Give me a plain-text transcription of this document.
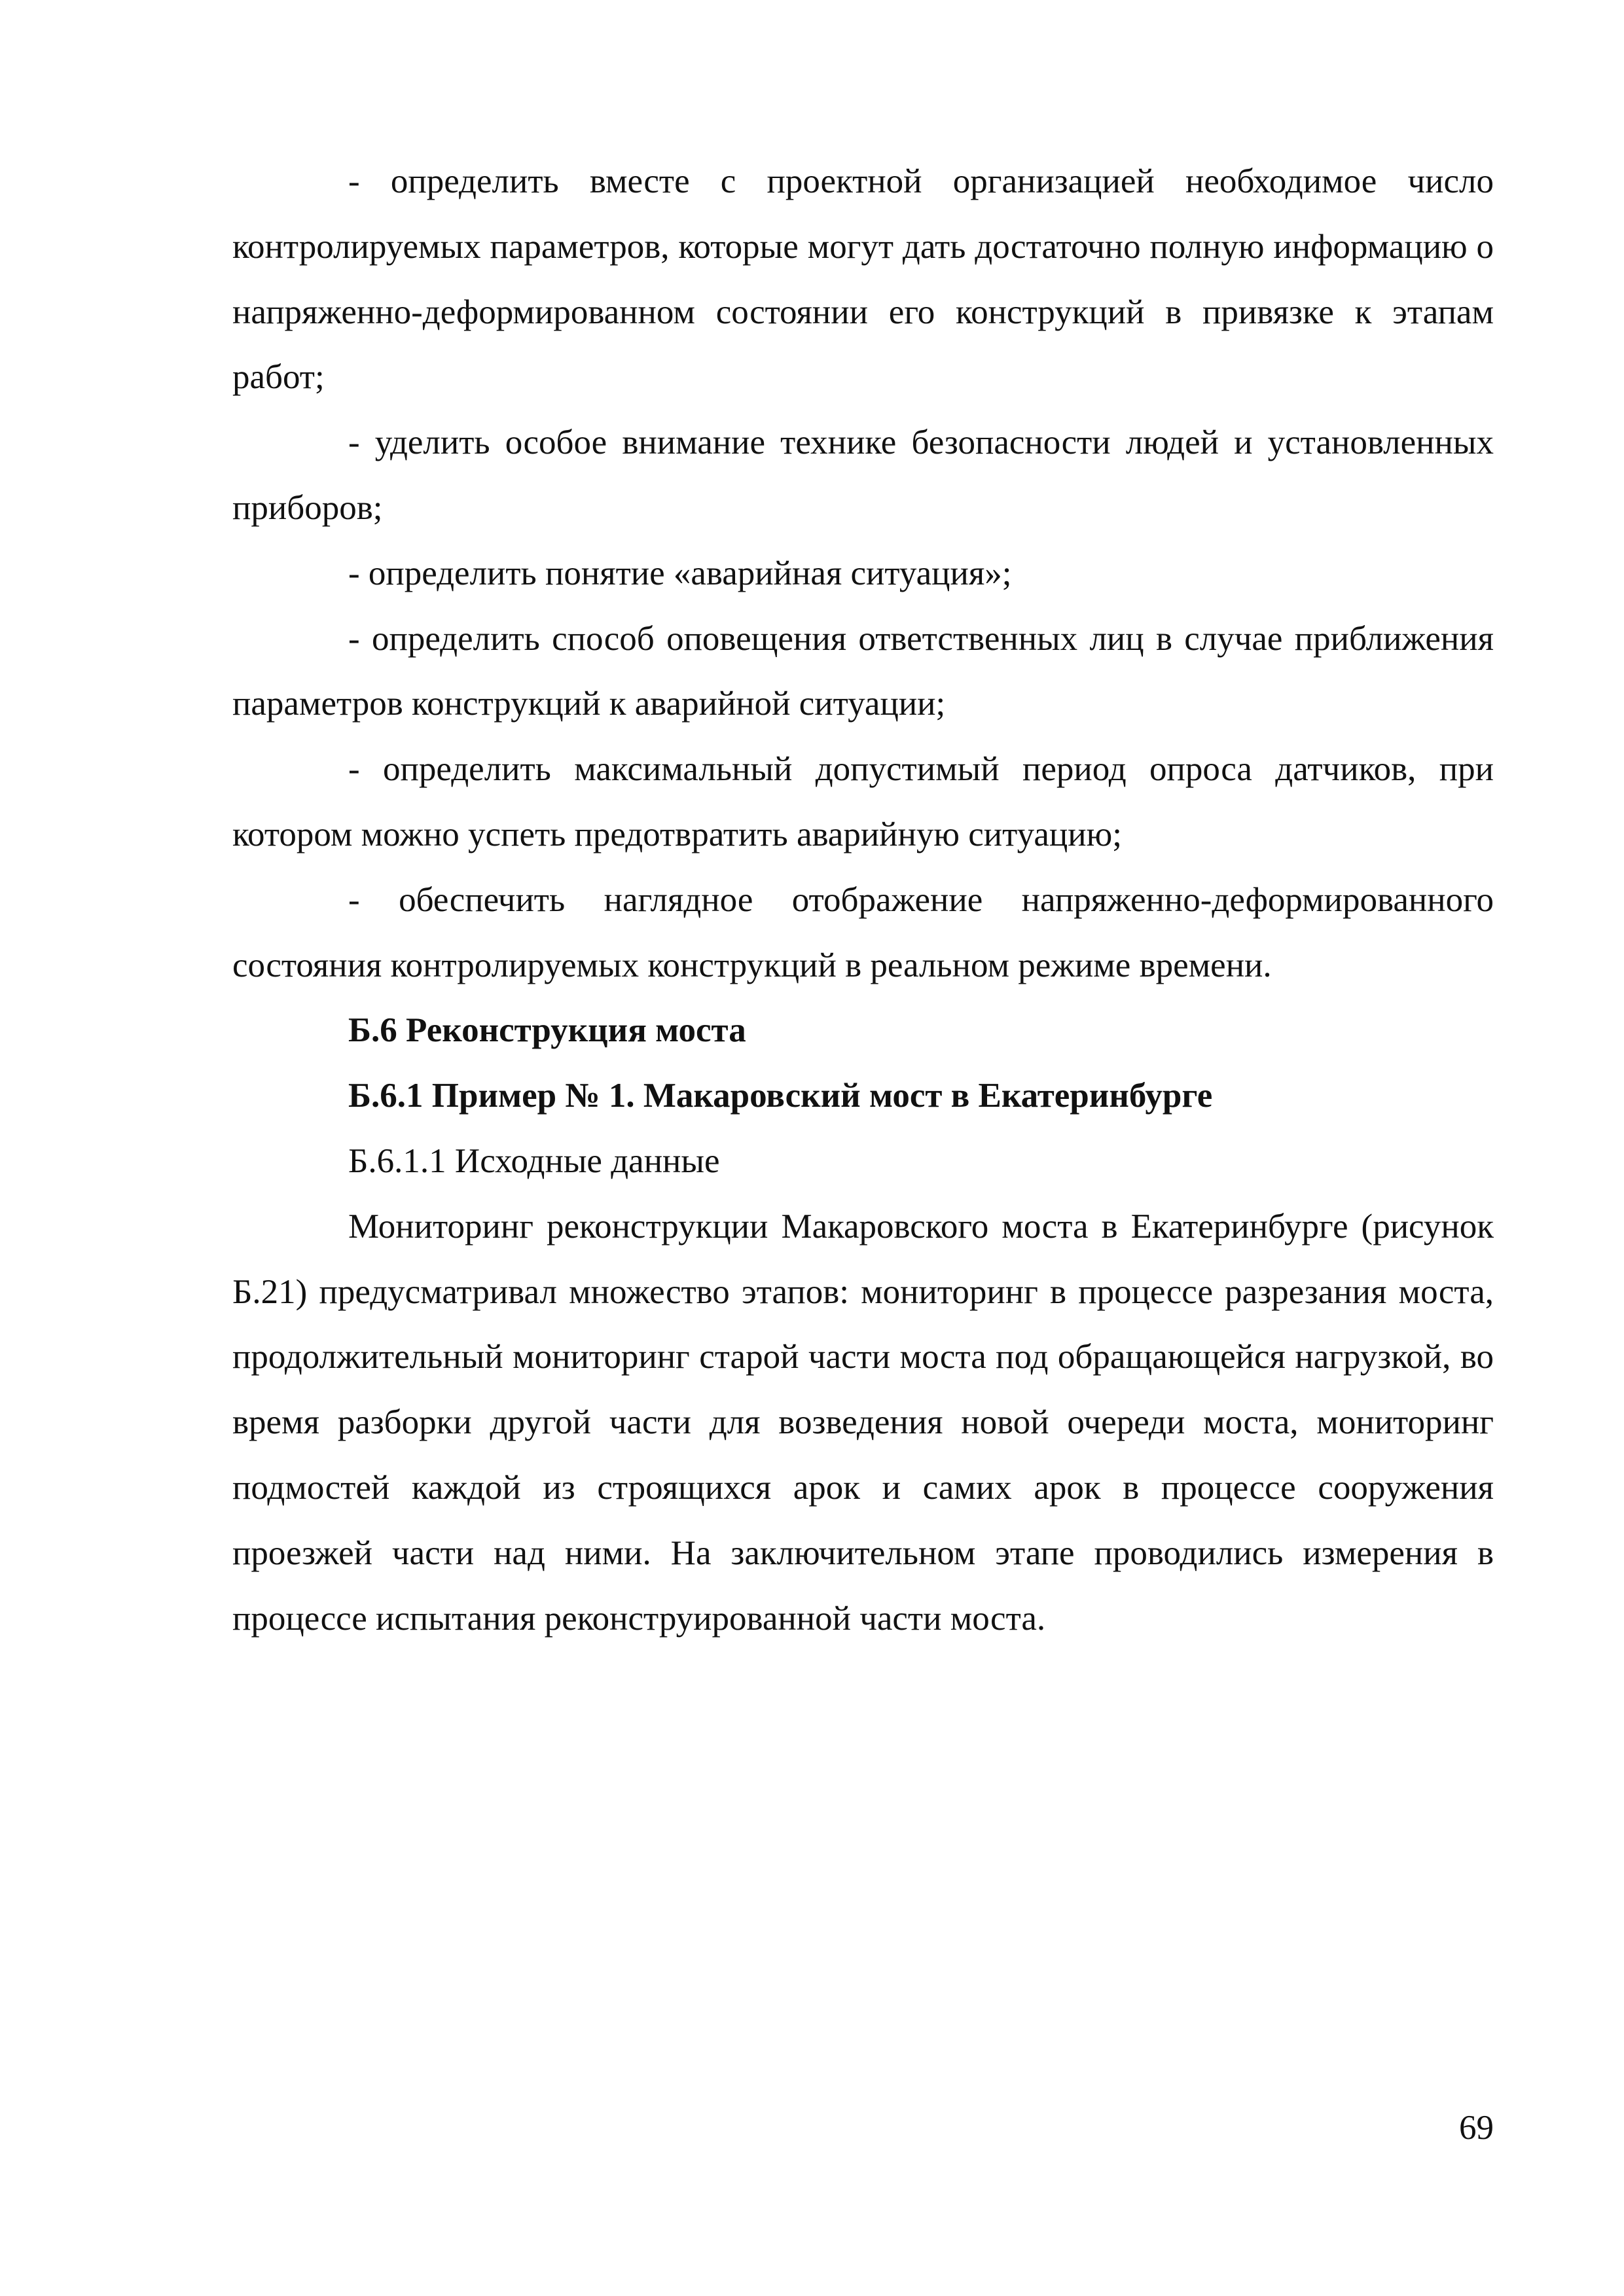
- определить вместе с проектной организацией необходимое число контролируемых параметров, которые могут дать достаточно полную информацию о напряженно-деформированном состоянии его конструкций в привязке к этапам работ;

- уделить особое внимание технике безопасности людей и установленных приборов;

- определить понятие «аварийная ситуация»;

- определить способ оповещения ответственных лиц в случае приближения параметров конструкций к аварийной ситуации;

- определить максимальный допустимый период опроса датчиков, при котором можно успеть предотвратить аварийную ситуацию;

- обеспечить наглядное отображение напряженно-деформированного состояния контролируемых конструкций в реальном режиме времени.

Б.6 Реконструкция моста

Б.6.1 Пример № 1. Макаровский мост в Екатеринбурге

Б.6.1.1 Исходные данные

Мониторинг реконструкции Макаровского моста в Екатеринбурге (рисунок Б.21) предусматривал множество этапов: мониторинг в процессе разрезания моста, продолжительный мониторинг старой части моста под обращающейся нагрузкой, во время разборки другой части для возведения новой очереди моста, мониторинг подмостей каждой из строящихся арок и самих арок в процессе сооружения проезжей части над ними. На заключительном этапе проводились измерения в процессе испытания реконструированной части моста.

69
